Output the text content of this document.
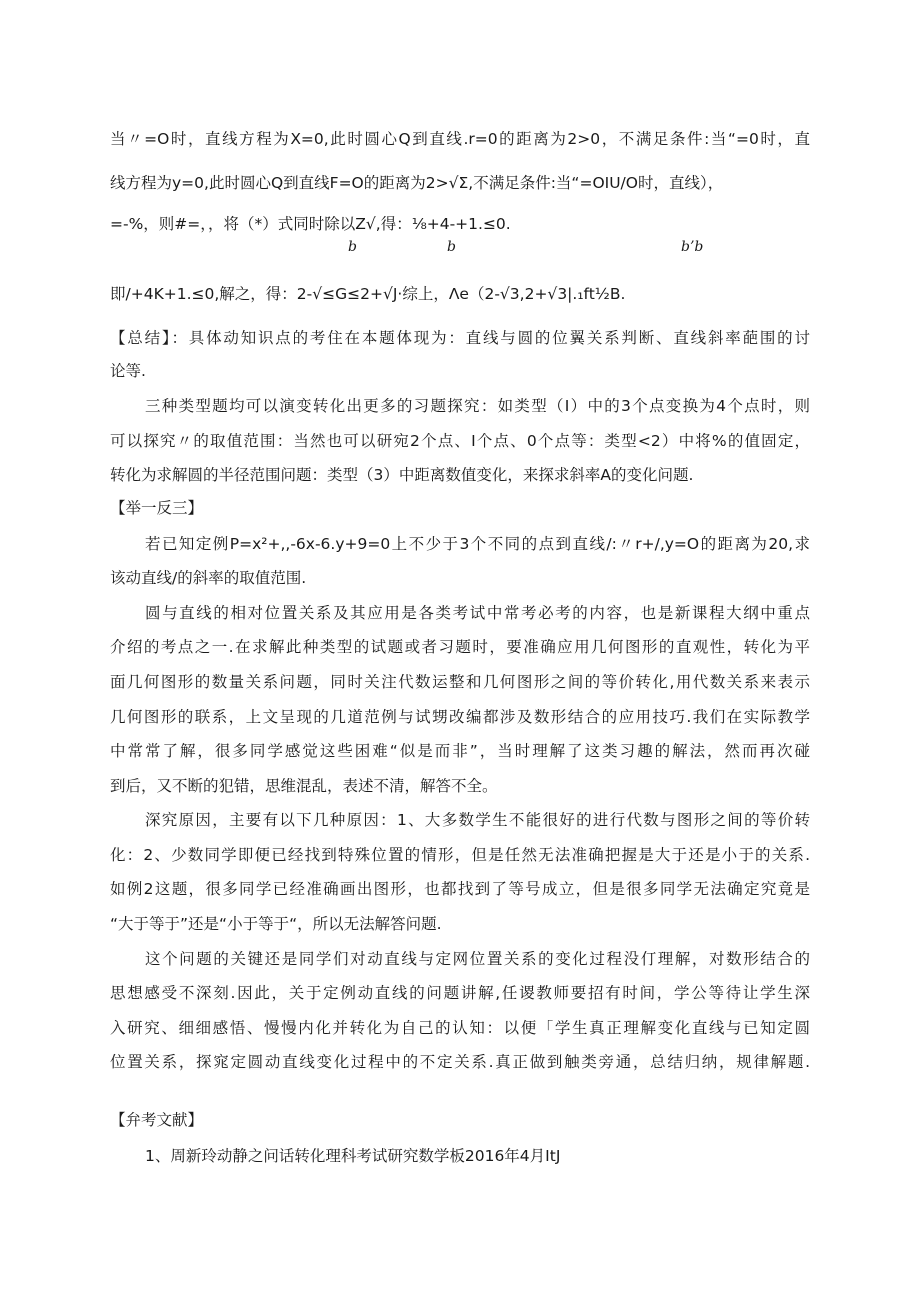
当〃=O时，直线方程为X=0,此时圆心Q到直线.r=0的距离为2>0，不满足条件:当“=0时，直
线方程为y=0,此时圆心Q到直线F=O的距离为2>√Σ,不满足条件:当“=OIU/O时，直线），
=-%，则#=，，将（*）式同时除以Z√,得：⅛+4-+1.≤0.
b	b	b’b
即/+4K+1.≤0,解之，得：2-√≤G≤2+√J·综上，Λe（2-√3,2+√3|.₁ft½B.
【总结】：具体动知识点的考住在本题体现为：直线与圆的位翼关系判断、直线斜率葩围的讨
论等.
三种类型题均可以演变转化出更多的习题探究：如类型（I）中的3个点变换为4个点时，则
可以探究〃的取值范围：当然也可以研宛2个点、I个点、0个点等：类型<2）中将%的值固定，
转化为求解圆的半径范围问题：类型（3）中距离数值变化，来探求斜率A的变化问题.
【举一反三】
若已知定例P=x²+,,-6x-6.y+9=0上不少于3个不同的点到直线/:〃r+/,y=O的距离为20,求
该动直线/的斜率的取值范围.
圆与直线的相对位置关系及其应用是各类考试中常考必考的内容，也是新课程大纲中重点
介绍的考点之一.在求解此种类型的试题或者习题时，要准确应用几何图形的直观性，转化为平
面几何图形的数量关系问题，同时关注代数运整和几何图形之间的等价转化,用代数关系来表示
几何图形的联系，上文呈现的几道范例与试甥改编都涉及数形结合的应用技巧.我们在实际教学
中常常了解，很多同学感觉这些困难“似是而非”，当时理解了这类习趣的解法，然而再次碰
到后，又不断的犯错，思维混乱，表述不清，解答不全。
深究原因，主要有以下几种原因：1、大多数学生不能很好的进行代数与图形之间的等价转
化：2、少数同学即便已经找到特殊位置的情形，但是任然无法准确把握是大于还是小于的关系.
如例2这题，很多同学已经准确画出图形，也都找到了等号成立，但是很多同学无法确定究竟是
“大于等于”还是“小于等于“，所以无法解答问题.
这个问题的关键还是同学们对动直线与定网位置关系的变化过程没仃理解，对数形结合的
思想感受不深刻.因此，关于定例动直线的问题讲解,任谡教师要招有时间，学公等待让学生深
入研究、细细感悟、慢慢内化并转化为自己的认知：以便「学生真正理解变化直线与已知定圆
位置关系，探窕定圆动直线变化过程中的不定关系.真正做到触类旁通，总结归纳，规律解题.
【弁考文献】
1、周新玲动静之问话转化理科考试研究数学板2016年4月ItJ
